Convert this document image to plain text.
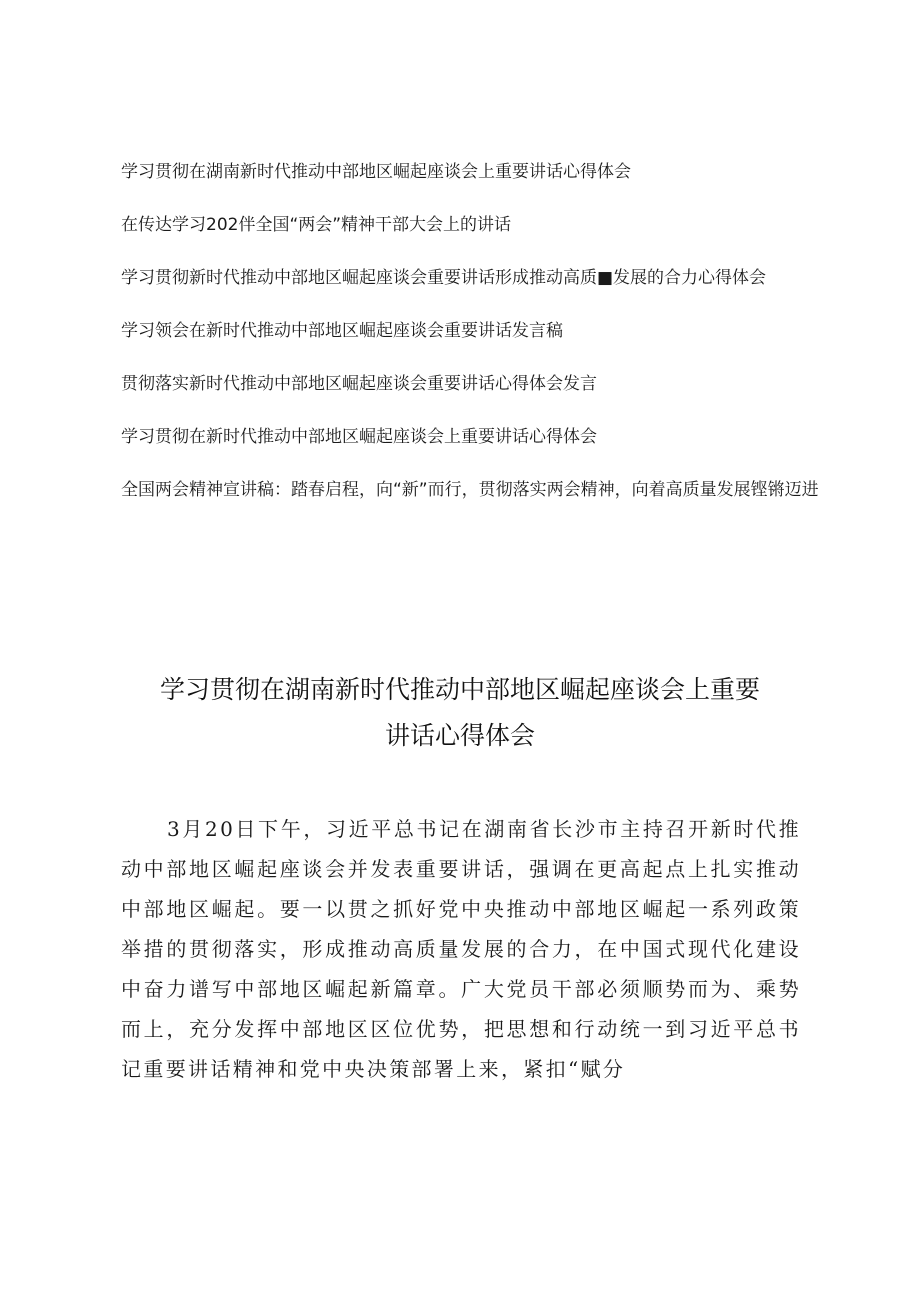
学习贯彻在湖南新时代推动中部地区崛起座谈会上重要讲话心得体会

在传达学习202伴全国“两会”精神干部大会上的讲话

学习贯彻新时代推动中部地区崛起座谈会重要讲话形成推动高质■发展的合力心得体会

学习领会在新时代推动中部地区崛起座谈会重要讲话发言稿

贯彻落实新时代推动中部地区崛起座谈会重要讲话心得体会发言

学习贯彻在新时代推动中部地区崛起座谈会上重要讲话心得体会

全国两会精神宣讲稿：踏春启程，向“新”而行，贯彻落实两会精神，向着高质量发展铿锵迈进

学习贯彻在湖南新时代推动中部地区崛起座谈会上重要
讲话心得体会

3月20日下午，习近平总书记在湖南省长沙市主持召开新时代推动中部地区崛起座谈会并发表重要讲话，强调在更高起点上扎实推动中部地区崛起。要一以贯之抓好党中央推动中部地区崛起一系列政策举措的贯彻落实，形成推动高质量发展的合力，在中国式现代化建设中奋力谱写中部地区崛起新篇章。广大党员干部必须顺势而为、乘势而上，充分发挥中部地区区位优势，把思想和行动统一到习近平总书记重要讲话精神和党中央决策部署上来，紧扣“赋分
